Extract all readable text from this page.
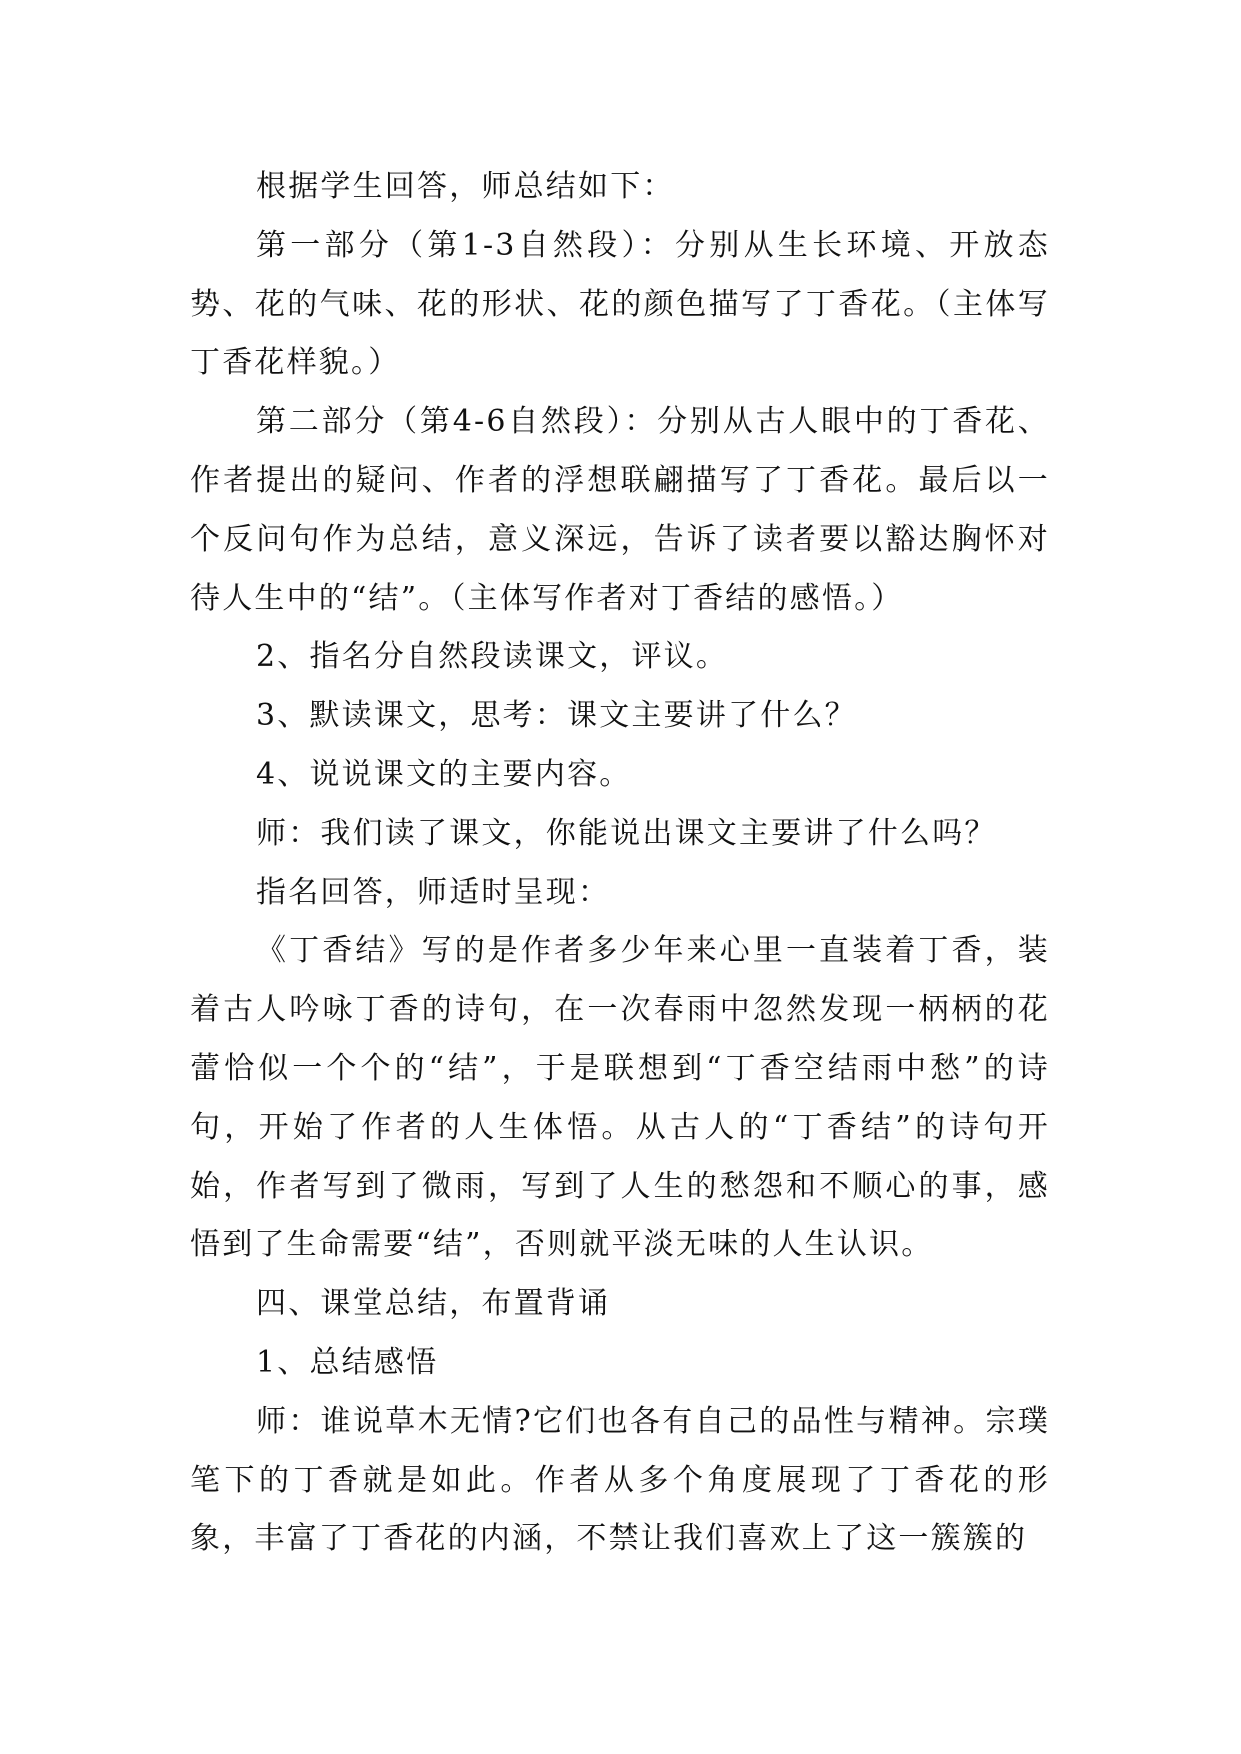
根据学生回答，师总结如下：

第一部分（第1-3自然段）：分别从生长环境、开放态势、花的气味、花的形状、花的颜色描写了丁香花。（主体写丁香花样貌。）

第二部分（第4-6自然段）：分别从古人眼中的丁香花、作者提出的疑问、作者的浮想联翩描写了丁香花。最后以一个反问句作为总结，意义深远，告诉了读者要以豁达胸怀对待人生中的“结”。（主体写作者对丁香结的感悟。）

2、指名分自然段读课文，评议。

3、默读课文，思考：课文主要讲了什么？

4、说说课文的主要内容。

师：我们读了课文，你能说出课文主要讲了什么吗？

指名回答，师适时呈现：

《丁香结》写的是作者多少年来心里一直装着丁香，装着古人吟咏丁香的诗句，在一次春雨中忽然发现一柄柄的花蕾恰似一个个的“结”，于是联想到“丁香空结雨中愁”的诗句，开始了作者的人生体悟。从古人的“丁香结”的诗句开始，作者写到了微雨，写到了人生的愁怨和不顺心的事，感悟到了生命需要“结”，否则就平淡无味的人生认识。

四、课堂总结，布置背诵

1、总结感悟

师：谁说草木无情?它们也各有自己的品性与精神。宗璞笔下的丁香就是如此。作者从多个角度展现了丁香花的形象，丰富了丁香花的内涵，不禁让我们喜欢上了这一簇簇的
